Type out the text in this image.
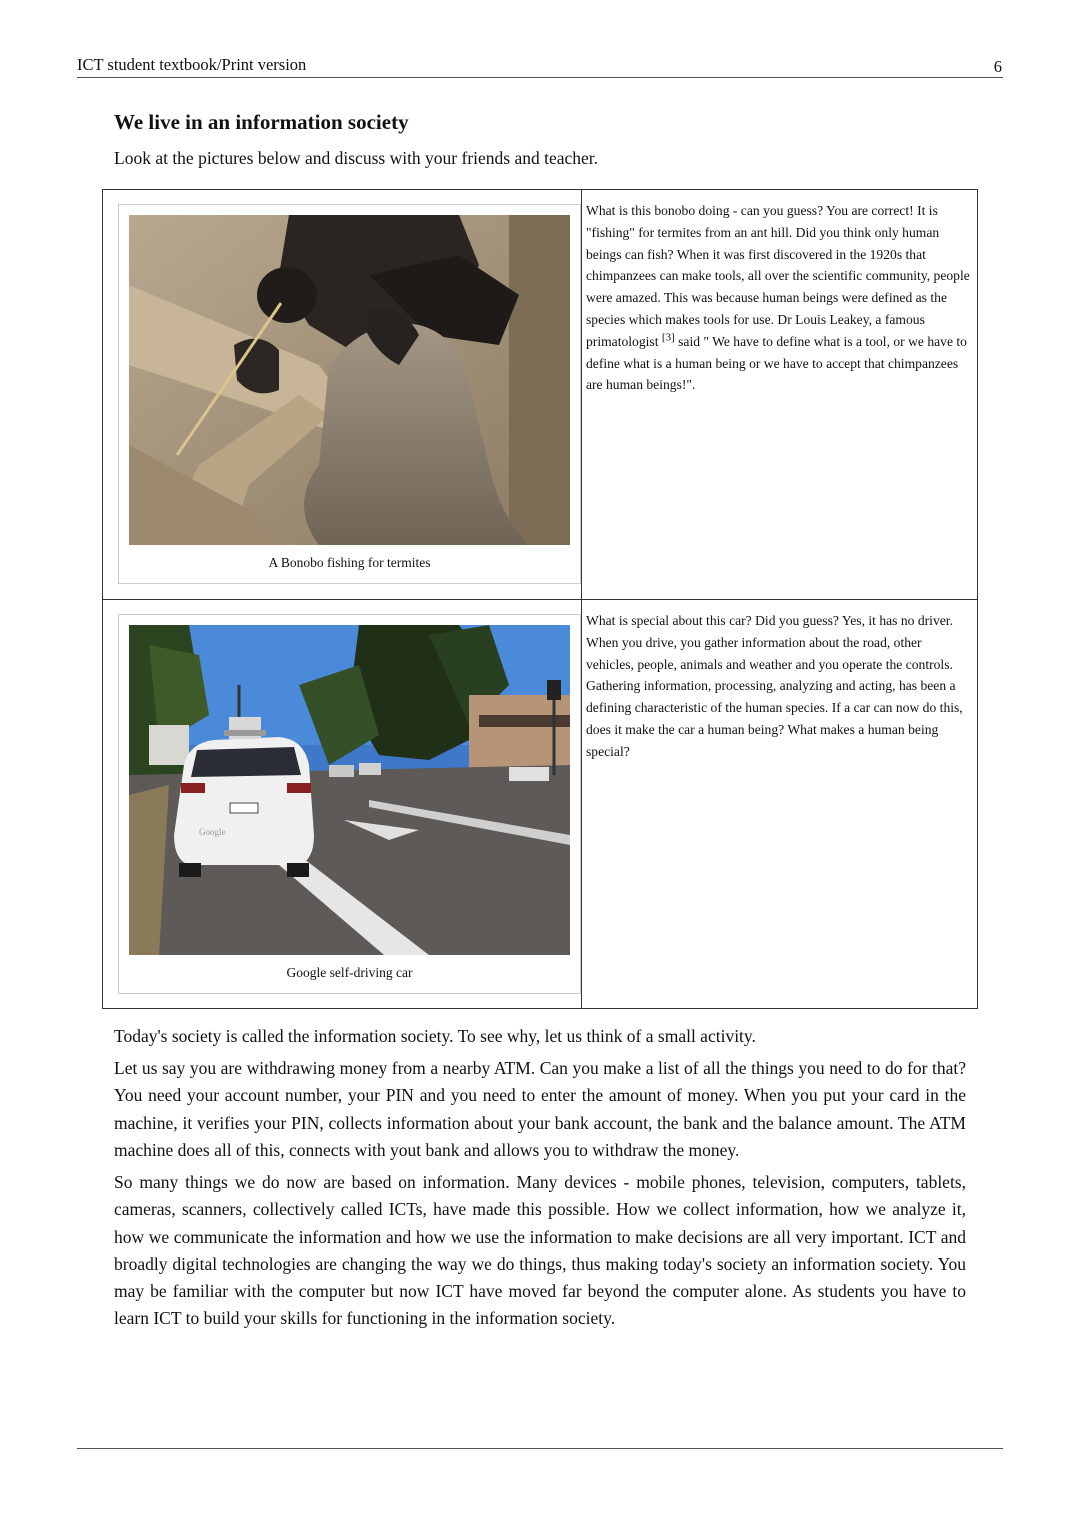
ICT student textbook/Print version	6
We live in an information society

Look at the pictures below and discuss with your friends and teacher.

A Bonobo fishing for termites	What is this bonobo doing - can you guess? You are correct! It is "fishing" for termites from an ant hill. Did you think only human beings can fish? When it was first discovered in the 1920s that chimpanzees can make tools, all over the scientific community, people were amazed. This was because human beings were defined as the species which makes tools for use. Dr Louis Leakey, a famous primatologist [3] said " We have to define what is a tool, or we have to define what is a human being or we have to accept that chimpanzees are human beings!".

Google
Google self-driving car	What is special about this car? Did you guess? Yes, it has no driver. When you drive, you gather information about the road, other vehicles, people, animals and weather and you operate the controls. Gathering information, processing, analyzing and acting, has been a defining characteristic of the human species. If a car can now do this, does it make the car a human being? What makes a human being special?

Today's society is called the information society. To see why, let us think of a small activity.

Let us say you are withdrawing money from a nearby ATM. Can you make a list of all the things you need to do for that? You need your account number, your PIN and you need to enter the amount of money. When you put your card in the machine, it verifies your PIN, collects information about your bank account, the bank and the balance amount. The ATM machine does all of this, connects with yout bank and allows you to withdraw the money.

So many things we do now are based on information. Many devices - mobile phones, television, computers, tablets, cameras, scanners, collectively called ICTs, have made this possible. How we collect information, how we analyze it, how we communicate the information and how we use the information to make decisions are all very important. ICT and broadly digital technologies are changing the way we do things, thus making today's society an information society. You may be familiar with the computer but now ICT have moved far beyond the computer alone. As students you have to learn ICT to build your skills for functioning in the information society.
